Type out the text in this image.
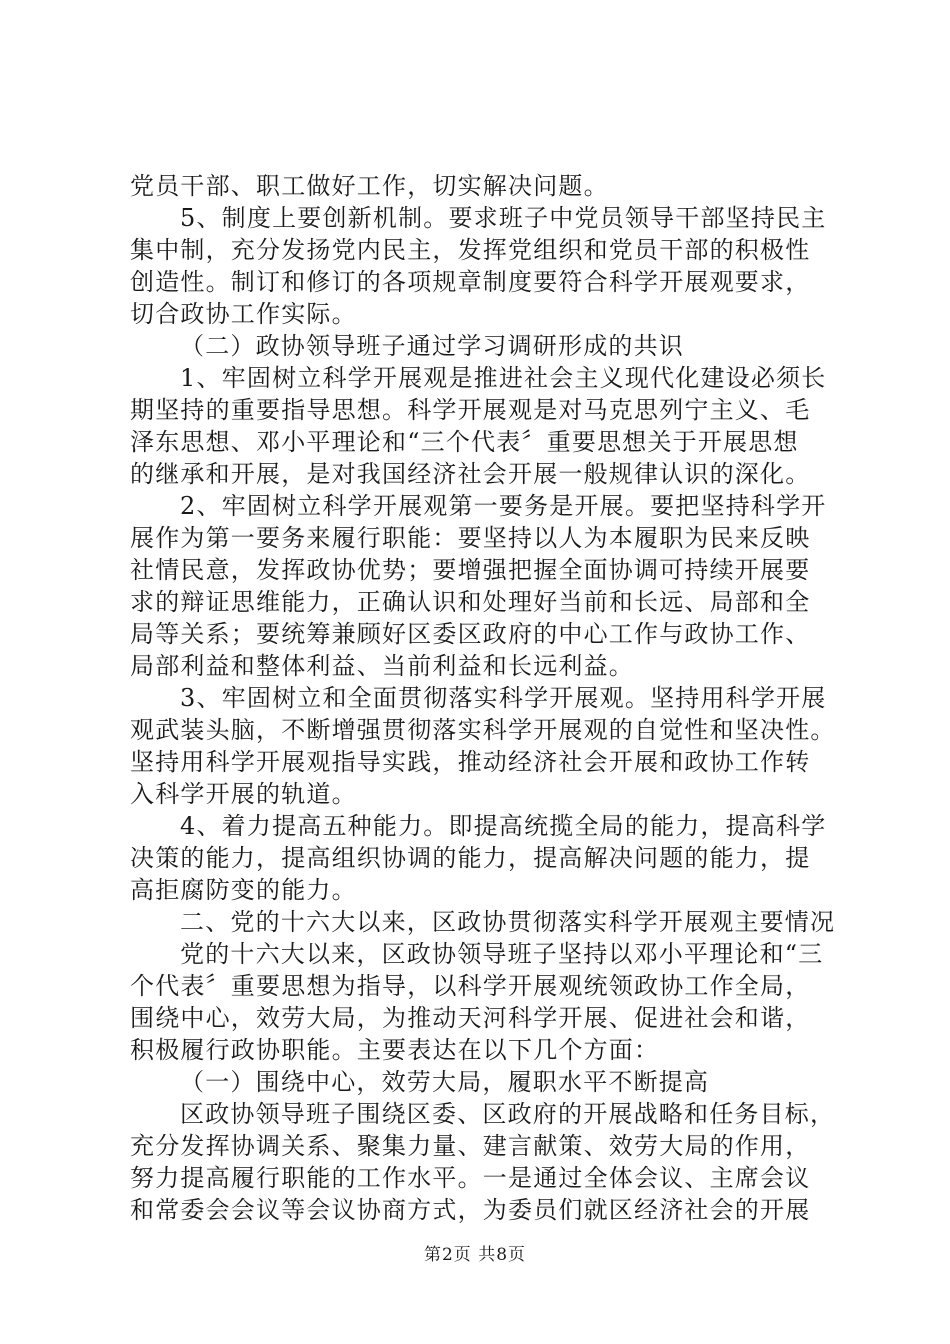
党员干部、职工做好工作，切实解决问题。
5、制度上要创新机制。要求班子中党员领导干部坚持民主
集中制，充分发扬党内民主，发挥党组织和党员干部的积极性
创造性。制订和修订的各项规章制度要符合科学开展观要求，
切合政协工作实际。
（二）政协领导班子通过学习调研形成的共识
1、牢固树立科学开展观是推进社会主义现代化建设必须长
期坚持的重要指导思想。科学开展观是对马克思列宁主义、毛
泽东思想、邓小平理论和“三个代表〞重要思想关于开展思想
的继承和开展，是对我国经济社会开展一般规律认识的深化。
2、牢固树立科学开展观第一要务是开展。要把坚持科学开
展作为第一要务来履行职能：要坚持以人为本履职为民来反映
社情民意，发挥政协优势；要增强把握全面协调可持续开展要
求的辩证思维能力，正确认识和处理好当前和长远、局部和全
局等关系；要统筹兼顾好区委区政府的中心工作与政协工作、
局部利益和整体利益、当前利益和长远利益。
3、牢固树立和全面贯彻落实科学开展观。坚持用科学开展
观武装头脑，不断增强贯彻落实科学开展观的自觉性和坚决性。
坚持用科学开展观指导实践，推动经济社会开展和政协工作转
入科学开展的轨道。
4、着力提高五种能力。即提高统揽全局的能力，提高科学
决策的能力，提高组织协调的能力，提高解决问题的能力，提
高拒腐防变的能力。
二、党的十六大以来，区政协贯彻落实科学开展观主要情况
党的十六大以来，区政协领导班子坚持以邓小平理论和“三
个代表〞重要思想为指导，以科学开展观统领政协工作全局，
围绕中心，效劳大局，为推动天河科学开展、促进社会和谐，
积极履行政协职能。主要表达在以下几个方面：
（一）围绕中心，效劳大局，履职水平不断提高
区政协领导班子围绕区委、区政府的开展战略和任务目标，
充分发挥协调关系、聚集力量、建言献策、效劳大局的作用，
努力提高履行职能的工作水平。一是通过全体会议、主席会议
和常委会会议等会议协商方式，为委员们就区经济社会的开展
第2页 共8页
